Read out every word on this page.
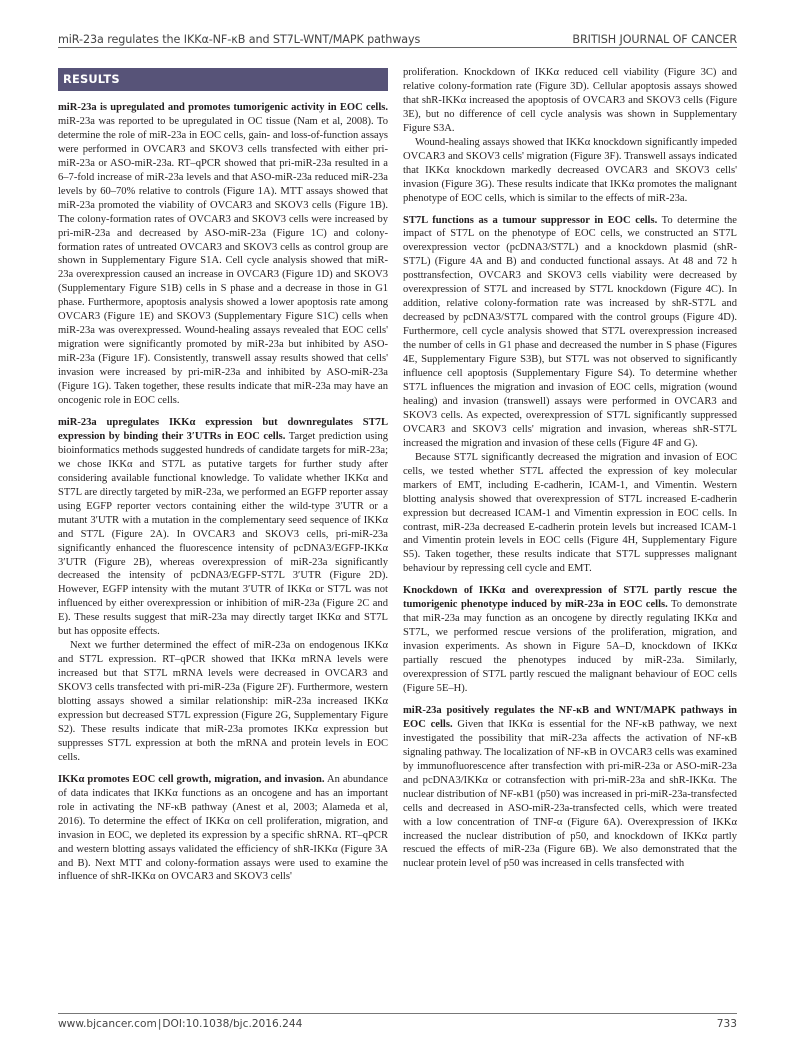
miR-23a regulates the IKKα-NF-κB and ST7L-WNT/MAPK pathways	BRITISH JOURNAL OF CANCER
RESULTS

miR-23a is upregulated and promotes tumorigenic activity in EOC cells. miR-23a was reported to be upregulated in OC tissue (Nam et al, 2008). To determine the role of miR-23a in EOC cells, gain- and loss-of-function assays were performed in OVCAR3 and SKOV3 cells transfected with either pri-miR-23a or ASO-miR-23a. RT–qPCR showed that pri-miR-23a resulted in a 6–7-fold increase of miR-23a levels and that ASO-miR-23a reduced miR-23a levels by 60–70% relative to controls (Figure 1A). MTT assays showed that miR-23a promoted the viability of OVCAR3 and SKOV3 cells (Figure 1B). The colony-formation rates of OVCAR3 and SKOV3 cells were increased by pri-miR-23a and decreased by ASO-miR-23a (Figure 1C) and colony-formation rates of untreated OVCAR3 and SKOV3 cells as control group are shown in Supplementary Figure S1A. Cell cycle analysis showed that miR-23a overexpression caused an increase in OVCAR3 (Figure 1D) and SKOV3 (Supplementary Figure S1B) cells in S phase and a decrease in those in G1 phase. Furthermore, apoptosis analysis showed a lower apoptosis rate among OVCAR3 (Figure 1E) and SKOV3 (Supplementary Figure S1C) cells when miR-23a was overexpressed. Wound-healing assays revealed that EOC cells' migration were significantly promoted by miR-23a but inhibited by ASO-miR-23a (Figure 1F). Consistently, transwell assay results showed that cells' invasion were increased by pri-miR-23a and inhibited by ASO-miR-23a (Figure 1G). Taken together, these results indicate that miR-23a may have an oncogenic role in EOC cells.

miR-23a upregulates IKKα expression but downregulates ST7L expression by binding their 3′UTRs in EOC cells. Target prediction using bioinformatics methods suggested hundreds of candidate targets for miR-23a; we chose IKKα and ST7L as putative targets for further study after considering available functional knowledge. To validate whether IKKα and ST7L are directly targeted by miR-23a, we performed an EGFP reporter assay using EGFP reporter vectors containing either the wild-type 3′UTR or a mutant 3′UTR with a mutation in the complementary seed sequence of IKKα and ST7L (Figure 2A). In OVCAR3 and SKOV3 cells, pri-miR-23a significantly enhanced the fluorescence intensity of pcDNA3/EGFP-IKKα 3′UTR (Figure 2B), whereas overexpression of miR-23a significantly decreased the intensity of pcDNA3/EGFP-ST7L 3′UTR (Figure 2D). However, EGFP intensity with the mutant 3′UTR of IKKα or ST7L was not influenced by either overexpression or inhibition of miR-23a (Figure 2C and E). These results suggest that miR-23a may directly target IKKα and ST7L but has opposite effects.

Next we further determined the effect of miR-23a on endogenous IKKα and ST7L expression. RT–qPCR showed that IKKα mRNA levels were increased but that ST7L mRNA levels were decreased in OVCAR3 and SKOV3 cells transfected with pri-miR-23a (Figure 2F). Furthermore, western blotting assays showed a similar relationship: miR-23a increased IKKα expression but decreased ST7L expression (Figure 2G, Supplementary Figure S2). These results indicate that miR-23a promotes IKKα expression but suppresses ST7L expression at both the mRNA and protein levels in EOC cells.

IKKα promotes EOC cell growth, migration, and invasion. An abundance of data indicates that IKKα functions as an oncogene and has an important role in activating the NF-κB pathway (Anest et al, 2003; Alameda et al, 2016). To determine the effect of IKKα on cell proliferation, migration, and invasion in EOC, we depleted its expression by a specific shRNA. RT–qPCR and western blotting assays validated the efficiency of shR-IKKα (Figure 3A and B). Next MTT and colony-formation assays were used to examine the influence of shR-IKKα on OVCAR3 and SKOV3 cells'

proliferation. Knockdown of IKKα reduced cell viability (Figure 3C) and relative colony-formation rate (Figure 3D). Cellular apoptosis assays showed that shR-IKKα increased the apoptosis of OVCAR3 and SKOV3 cells (Figure 3E), but no difference of cell cycle analysis was shown in Supplementary Figure S3A.

Wound-healing assays showed that IKKα knockdown significantly impeded OVCAR3 and SKOV3 cells' migration (Figure 3F). Transwell assays indicated that IKKα knockdown markedly decreased OVCAR3 and SKOV3 cells' invasion (Figure 3G). These results indicate that IKKα promotes the malignant phenotype of EOC cells, which is similar to the effects of miR-23a.

ST7L functions as a tumour suppressor in EOC cells. To determine the impact of ST7L on the phenotype of EOC cells, we constructed an ST7L overexpression vector (pcDNA3/ST7L) and a knockdown plasmid (shR-ST7L) (Figure 4A and B) and conducted functional assays. At 48 and 72 h posttransfection, OVCAR3 and SKOV3 cells viability were decreased by overexpression of ST7L and increased by ST7L knockdown (Figure 4C). In addition, relative colony-formation rate was increased by shR-ST7L and decreased by pcDNA3/ST7L compared with the control groups (Figure 4D). Furthermore, cell cycle analysis showed that ST7L overexpression increased the number of cells in G1 phase and decreased the number in S phase (Figures 4E, Supplementary Figure S3B), but ST7L was not observed to significantly influence cell apoptosis (Supplementary Figure S4). To determine whether ST7L influences the migration and invasion of EOC cells, migration (wound healing) and invasion (transwell) assays were performed in OVCAR3 and SKOV3 cells. As expected, overexpression of ST7L significantly suppressed OVCAR3 and SKOV3 cells' migration and invasion, whereas shR-ST7L increased the migration and invasion of these cells (Figure 4F and G).

Because ST7L significantly decreased the migration and invasion of EOC cells, we tested whether ST7L affected the expression of key molecular markers of EMT, including E-cadherin, ICAM-1, and Vimentin. Western blotting analysis showed that overexpression of ST7L increased E-cadherin expression but decreased ICAM-1 and Vimentin expression in EOC cells. In contrast, miR-23a decreased E-cadherin protein levels but increased ICAM-1 and Vimentin protein levels in EOC cells (Figure 4H, Supplementary Figure S5). Taken together, these results indicate that ST7L suppresses malignant behaviour by repressing cell cycle and EMT.

Knockdown of IKKα and overexpression of ST7L partly rescue the tumorigenic phenotype induced by miR-23a in EOC cells. To demonstrate that miR-23a may function as an oncogene by directly regulating IKKα and ST7L, we performed rescue versions of the proliferation, migration, and invasion experiments. As shown in Figure 5A–D, knockdown of IKKα partially rescued the phenotypes induced by miR-23a. Similarly, overexpression of ST7L partly rescued the malignant behaviour of EOC cells (Figure 5E–H).

miR-23a positively regulates the NF-κB and WNT/MAPK pathways in EOC cells. Given that IKKα is essential for the NF-κB pathway, we next investigated the possibility that miR-23a affects the activation of NF-κB signaling pathway. The localization of NF-κB in OVCAR3 cells was examined by immunofluorescence after transfection with pri-miR-23a or ASO-miR-23a and pcDNA3/IKKα or cotransfection with pri-miR-23a and shR-IKKα. The nuclear distribution of NF-κB1 (p50) was increased in pri-miR-23a-transfected cells and decreased in ASO-miR-23a-transfected cells, which were treated with a low concentration of TNF-α (Figure 6A). Overexpression of IKKα increased the nuclear distribution of p50, and knockdown of IKKα partly rescued the effects of miR-23a (Figure 6B). We also demonstrated that the nuclear protein level of p50 was increased in cells transfected with

www.bjcancer.com|DOI:10.1038/bjc.2016.244	733
